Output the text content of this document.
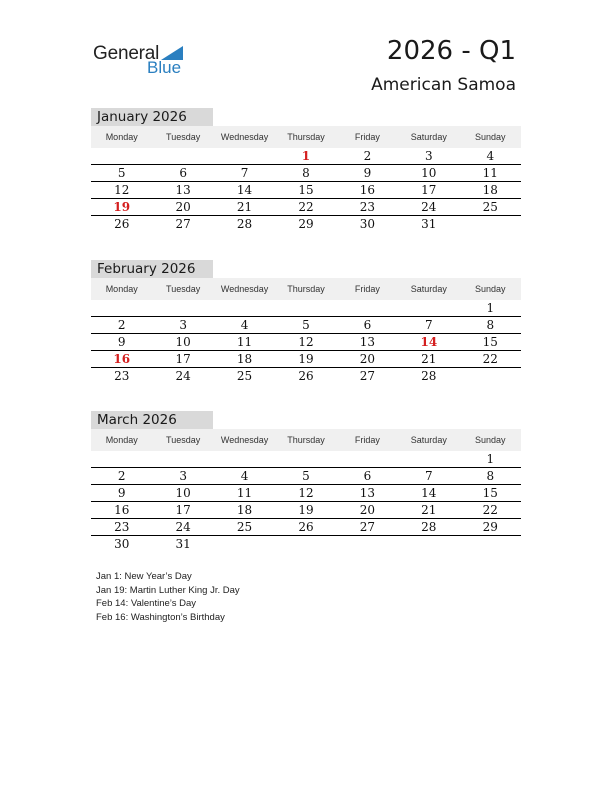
General
Blue
2026 - Q1
American Samoa
January 2026
Monday	Tuesday	Wednesday	Thursday	Friday	Saturday	Sunday
			1	2	3	4
5	6	7	8	9	10	11
12	13	14	15	16	17	18
19	20	21	22	23	24	25
26	27	28	29	30	31	
February 2026
Monday	Tuesday	Wednesday	Thursday	Friday	Saturday	Sunday
						1
2	3	4	5	6	7	8
9	10	11	12	13	14	15
16	17	18	19	20	21	22
23	24	25	26	27	28	
March 2026
Monday	Tuesday	Wednesday	Thursday	Friday	Saturday	Sunday
						1
2	3	4	5	6	7	8
9	10	11	12	13	14	15
16	17	18	19	20	21	22
23	24	25	26	27	28	29
30	31					
Jan 1: New Year’s Day
Jan 19: Martin Luther King Jr. Day
Feb 14: Valentine’s Day
Feb 16: Washington’s Birthday
